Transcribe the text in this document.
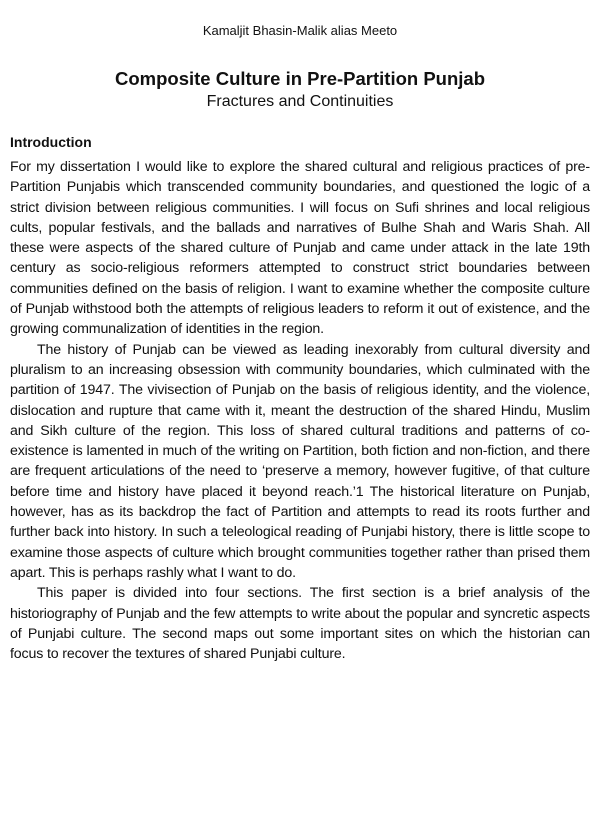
Kamaljit Bhasin-Malik alias Meeto

Composite Culture in Pre-Partition Punjab

Fractures and Continuities

Introduction

For my dissertation I would like to explore the shared cultural and religious practices of pre-Partition Punjabis which transcended community boundaries, and questioned the logic of a strict division between religious communities. I will focus on Sufi shrines and local religious cults, popular festivals, and the ballads and narratives of Bulhe Shah and Waris Shah. All these were aspects of the shared culture of Punjab and came under attack in the late 19th century as socio-religious reformers attempted to construct strict boundaries between communities defined on the basis of religion. I want to examine whether the composite culture of Punjab withstood both the attempts of religious leaders to reform it out of existence, and the growing communalization of identities in the region.

The history of Punjab can be viewed as leading inexorably from cultural diversity and pluralism to an increasing obsession with community boundaries, which culminated with the partition of 1947. The vivisection of Punjab on the basis of religious identity, and the violence, dislocation and rupture that came with it, meant the destruction of the shared Hindu, Muslim and Sikh culture of the region. This loss of shared cultural traditions and patterns of co-existence is lamented in much of the writing on Partition, both fiction and non-fiction, and there are frequent articulations of the need to ‘preserve a memory, however fugitive, of that culture before time and history have placed it beyond reach.’1 The historical literature on Punjab, however, has as its backdrop the fact of Partition and attempts to read its roots further and further back into history. In such a teleological reading of Punjabi history, there is little scope to examine those aspects of culture which brought communities together rather than prised them apart. This is perhaps rashly what I want to do.

This paper is divided into four sections. The first section is a brief analysis of the historiography of Punjab and the few attempts to write about the popular and syncretic aspects of Punjabi culture. The second maps out some important sites on which the historian can focus to recover the textures of shared Punjabi culture.
